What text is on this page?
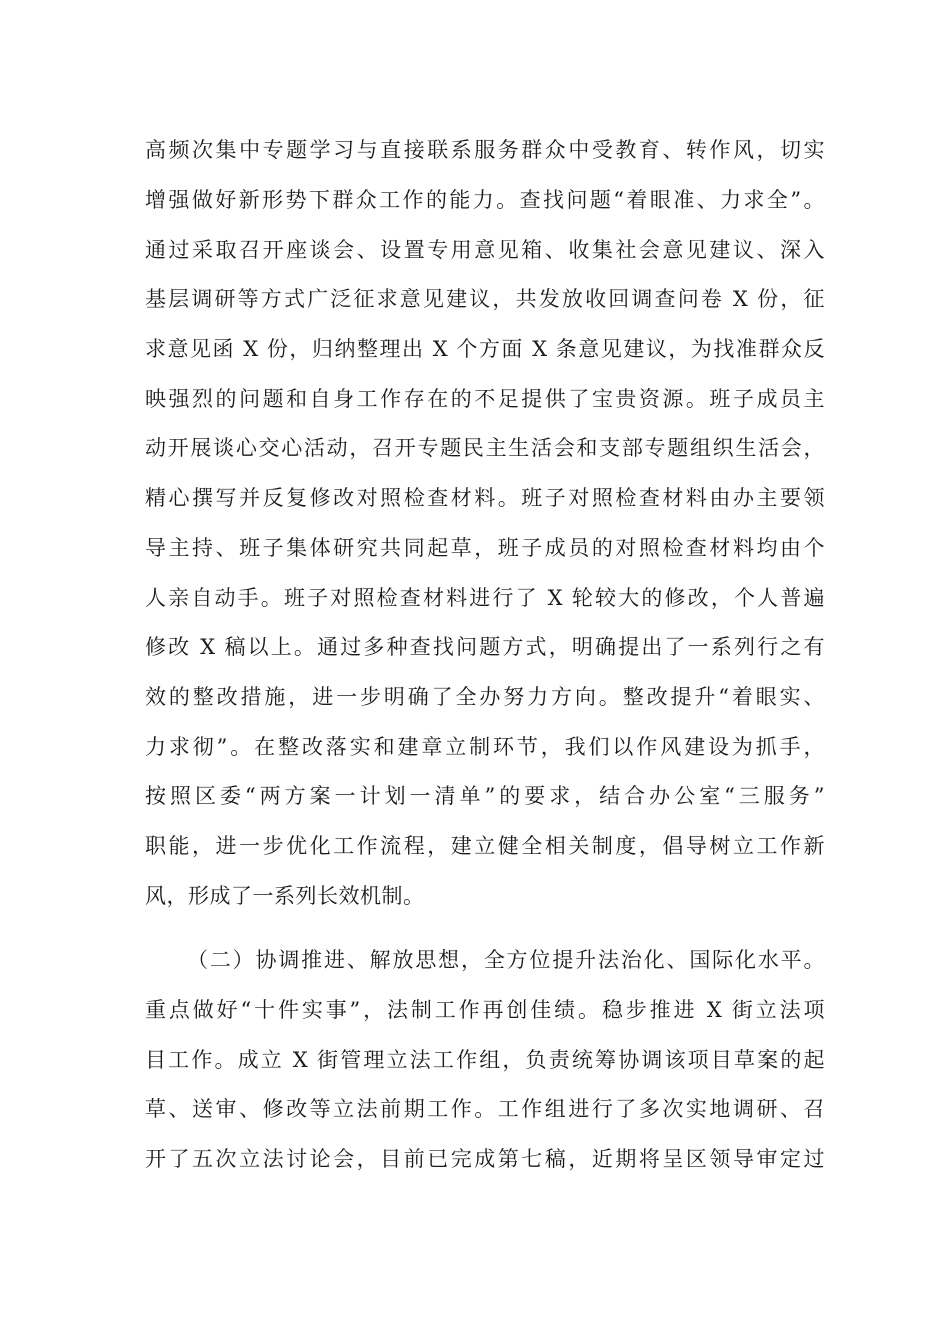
高频次集中专题学习与直接联系服务群众中受教育、转作风，切实
增强做好新形势下群众工作的能力。查找问题“着眼准、力求全”。
通过采取召开座谈会、设置专用意见箱、收集社会意见建议、深入
基层调研等方式广泛征求意见建议，共发放收回调查问卷 X 份，征
求意见函 X 份，归纳整理出 X 个方面 X 条意见建议，为找准群众反
映强烈的问题和自身工作存在的不足提供了宝贵资源。班子成员主
动开展谈心交心活动，召开专题民主生活会和支部专题组织生活会，
精心撰写并反复修改对照检查材料。班子对照检查材料由办主要领
导主持、班子集体研究共同起草，班子成员的对照检查材料均由个
人亲自动手。班子对照检查材料进行了 X 轮较大的修改，个人普遍
修改 X 稿以上。通过多种查找问题方式，明确提出了一系列行之有
效的整改措施，进一步明确了全办努力方向。整改提升“着眼实、
力求彻”。在整改落实和建章立制环节，我们以作风建设为抓手，
按照区委“两方案一计划一清单”的要求，结合办公室“三服务”
职能，进一步优化工作流程，建立健全相关制度，倡导树立工作新
风，形成了一系列长效机制。
（二）协调推进、解放思想，全方位提升法治化、国际化水平。
重点做好“十件实事”，法制工作再创佳绩。稳步推进 X 街立法项
目工作。成立 X 街管理立法工作组，负责统筹协调该项目草案的起
草、送审、修改等立法前期工作。工作组进行了多次实地调研、召
开了五次立法讨论会，目前已完成第七稿，近期将呈区领导审定过
